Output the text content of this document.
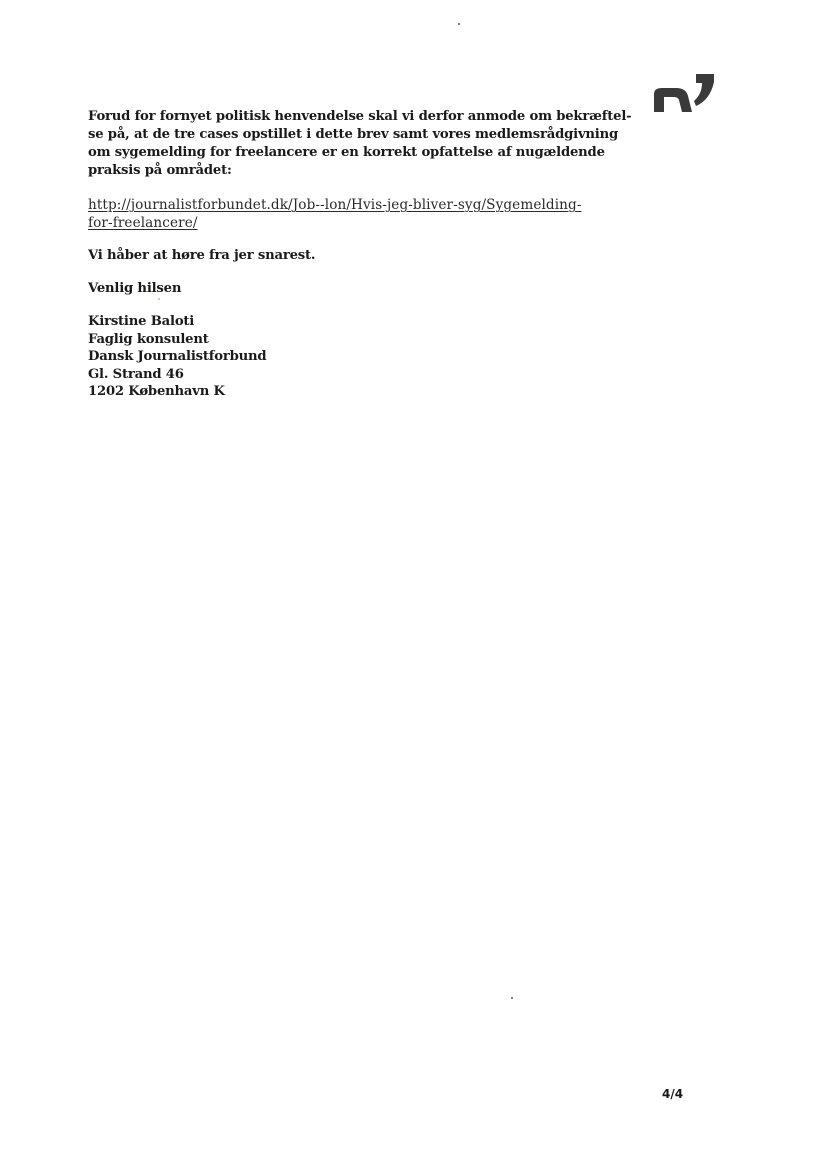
Forud for fornyet politisk henvendelse skal vi derfor anmode om bekræftel-
se på, at de tre cases opstillet i dette brev samt vores medlemsrådgivning
om sygemelding for freelancere er en korrekt opfattelse af nugældende
praksis på området:

http://journalistforbundet.dk/Job--lon/Hvis-jeg-bliver-syg/Sygemelding-
for-freelancere/

Vi håber at høre fra jer snarest.

Venlig hilsen

Kirstine Baloti
Faglig konsulent
Dansk Journalistforbund
Gl. Strand 46
1202 København K

4/4
